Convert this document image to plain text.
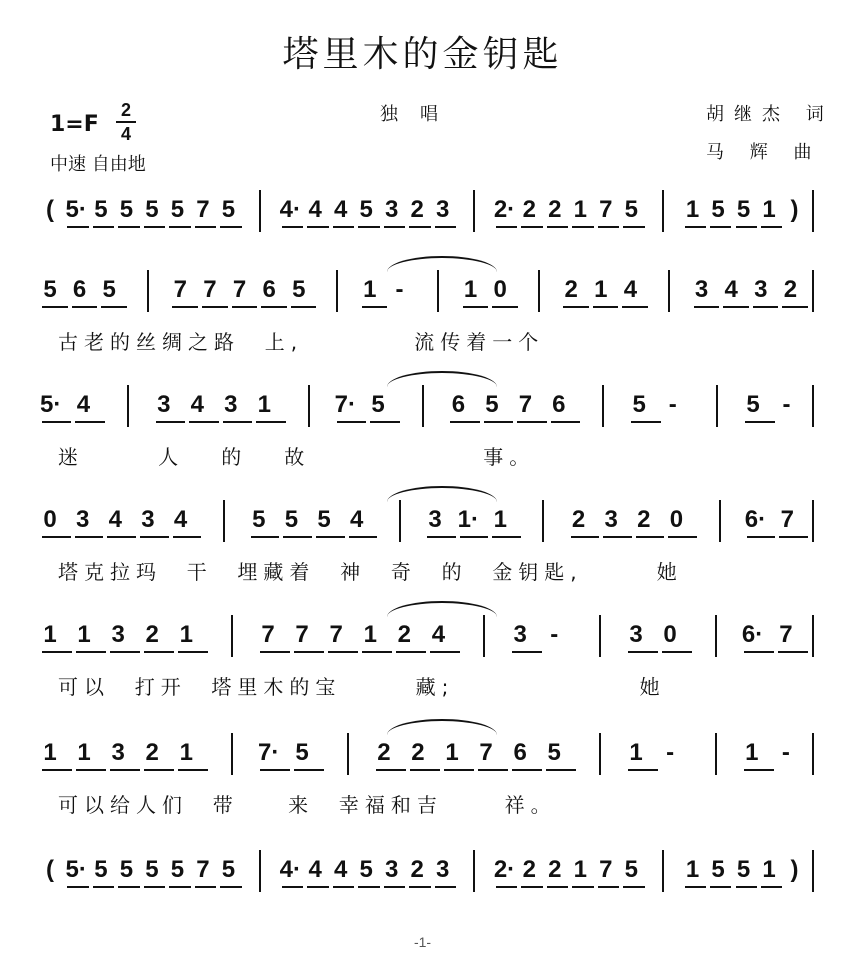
塔里木的金钥匙
1=F
2
4
中速 自由地
独唱	胡继杰 词
马 辉 曲
( 5· 5 5 5 5 7 5 4· 4 4 5 3 2 3 2· 2 2 1 7 5 1 5 5 1 )
5 6 5 7 7 7 6 5 1 -	1 0 2 1 4 3 4 3 2
古老的丝绸之路  上,         流传着一个
5· 4	3 4 3 1	7· 5	6 5 7 6	5 -	5 -
迷      人   的   故              事。
0 3 4 3 4	5 5 5 4	3 1· 1	2 3 2 0	6· 7
塔克拉玛  干  埋藏着  神  奇  的  金钥匙,      她
1 1 3 2 1	7 7 7 1 2 4	3 -	3 0	6· 7
可以  打开  塔里木的宝      藏;               她
1 1 3 2 1	7· 5	2 2 1 7 6 5	1 -	1 -
可以给人们  带    来  幸福和吉     祥。
( 5· 5 5 5 5 7 5 4· 4 4 5 3 2 3 2· 2 2 1 7 5 1 5 5 1 )
-1-
